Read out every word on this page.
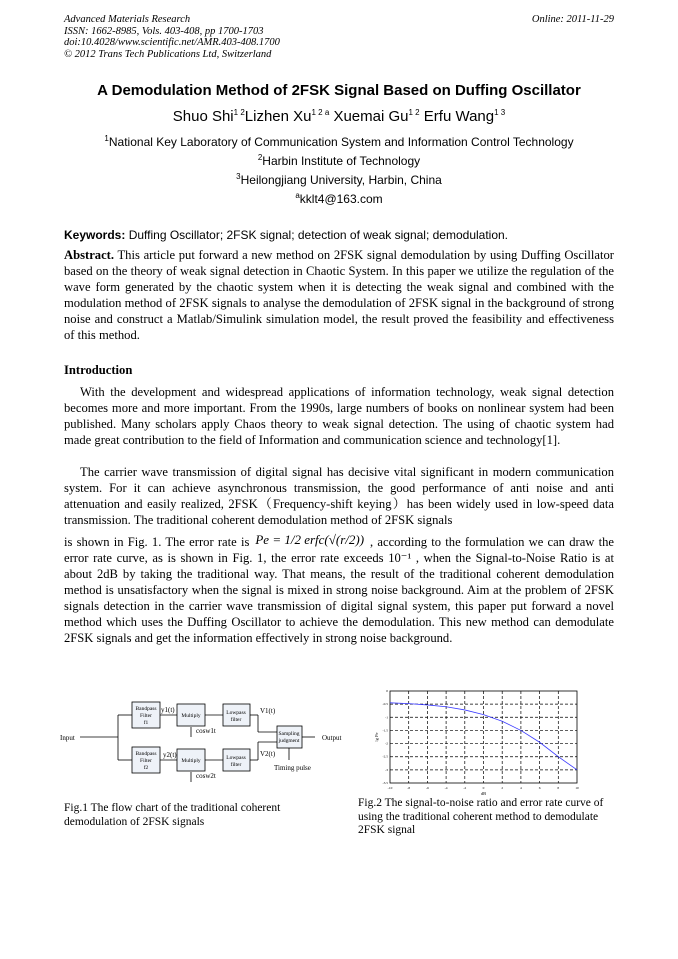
Advanced Materials Research
ISSN: 1662-8985, Vols. 403-408, pp 1700-1703
doi:10.4028/www.scientific.net/AMR.403-408.1700
© 2012 Trans Tech Publications Ltd, Switzerland
Online: 2011-11-29
A Demodulation Method of 2FSK Signal Based on Duffing Oscillator
Shuo Shi$^{1 2}$Lizhen $Xu^{1 2 a}$ Xuemai $Gu^{1 2}$ Erfu Wang$^{1 3}$
$^1$National Key Laboratory of Communication System and Information Control Technology
$^2$Harbin Institute of Technology
$^3$Heilongjiang University, Harbin, China
$^a$kklt4@163.com
Keywords: Duffing Oscillator; 2FSK signal; detection of weak signal; demodulation.
Abstract. This article put forward a new method on 2FSK signal demodulation by using Duffing Oscillator based on the theory of weak signal detection in Chaotic System. In this paper we utilize the regulation of the wave form generated by the chaotic system when it is detecting the weak signal and combined with the modulation method of 2FSK signals to analyse the demodulation of 2FSK signal in the background of strong noise and construct a Matlab/Simulink simulation model, the result proved the feasibility and effectiveness of this method.
Introduction
With the development and widespread applications of information technology, weak signal detection becomes more and more important. From the 1990s, large numbers of books on nonlinear system had been published. Many scholars apply Chaos theory to weak signal detection. The using of chaotic system had made great contribution to the field of Information and communication science and technology[1].
The carrier wave transmission of digital signal has decisive vital significant in modern communication system. For it can achieve asynchronous transmission, the good performance of anti noise and anti attenuation and easily realized, 2FSK（Frequency-shift keying）has been widely used in low-speed data transmission. The traditional coherent demodulation method of 2FSK signals
is shown in Fig. 1. The error rate is Pe = 1/2 erfc(√(r/2)) , according to the formulation we can draw the error rate curve, as is shown in Fig. 1, the error rate exceeds 10⁻¹ , when the Signal-to-Noise Ratio is at about 2dB by taking the traditional way. That means, the result of the traditional coherent demodulation method is unsatisfactory when the signal is mixed in strong noise background. Aim at the problem of 2FSK signals detection in the carrier wave transmission of digital signal system, this paper put forward a novel method which uses the Duffing Oscillator to achieve the demodulation. This new method can demodulate 2FSK signals and get the information effectively in strong noise background.
Bandpass
Filter
f1
Bandpass
Filter
f2
Multiply
Multiply
Lowpass
filter
Lowpass
filter
Sampling
judgment
Input
y1(t)
y2(t)
cosw1t
cosw2t
V1(t)
V2(t)
Timing pulse
Output
Fig.1 The flow chart of the traditional coherent demodulation of 2FSK signals
-10	-8	-6	-4	-2	0	2	4	6	8	10
0
-0.5
-1
-1.5
-2
-2.5
-3
-3.5
dB
lg Pe
Fig.2 The signal-to-noise ratio and error rate curve of using the traditional coherent method to demodulate 2FSK signal
